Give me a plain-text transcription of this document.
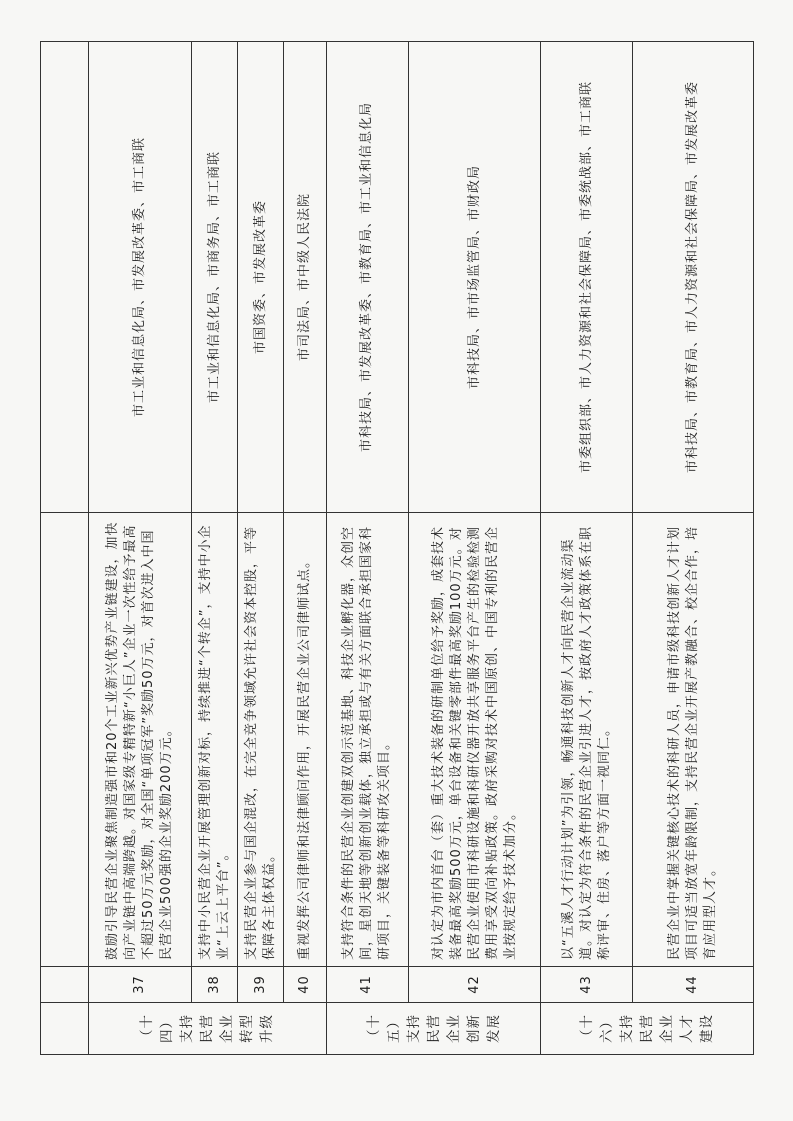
（十四）支持民营企业转型升级	37	鼓励引导民营企业聚焦制造强市和20个工业新兴优势产业链建设，加快向产业链中高端跨越。对国家级专精特新“小巨人”企业一次性给予最高不超过50万元奖励，对全国“单项冠军”奖励50万元，对首次进入中国民营企业500强的企业奖励200万元。	市工业和信息化局、市发展改革委、市工商联
	38	支持中小民营企业开展管理创新对标，持续推进“个转企”，支持中小企业“上云上平台”。	市工业和信息化局、市商务局、市工商联
	39	支持民营企业参与国企混改，在完全竞争领域允许社会资本控股，平等保障各主体权益。	市国资委、市发展改革委
	40	重视发挥公司律师和法律顾问作用，开展民营企业公司律师试点。	市司法局、市中级人民法院
（十五）支持民营企业创新发展	41	支持符合条件的民营企业创建双创示范基地、科技企业孵化器，众创空间，星创天地等创新创业载体，独立承担或与有关方面联合承担国家科研项目，关键装备等科研攻关项目。	市科技局、市发展改革委、市教育局、市工业和信息化局
	42	对认定为市内首台（套）重大技术装备的研制单位给予奖励，成套技术装备最高奖励500万元，单台设备和关键零部件最高奖励100万元。对民营企业使用市科研设施和科研仪器开放共享服务平台产生的检验检测费用享受双向补贴政策。政府采购对技术中国原创、中国专利的民营企业按规定给予技术加分。	市科技局、市市场监管局、市财政局
（十六）支持民营企业人才建设	43	以“五溪人才行动计划”为引领，畅通科技创新人才向民营企业流动渠道。对认定为符合条件的民营企业引进人才，按政府人才政策体系在职称评审、住房、落户等方面一视同仁。	市委组织部、市人力资源和社会保障局、市委统战部、市工商联
	44	民营企业中掌握关键核心技术的科研人员，申请市级科技创新人才计划项目可适当放宽年龄限制，支持民营企业开展产教融合、校企合作，培育应用型人才。	市科技局、市教育局、市人力资源和社会保障局、市发展改革委
